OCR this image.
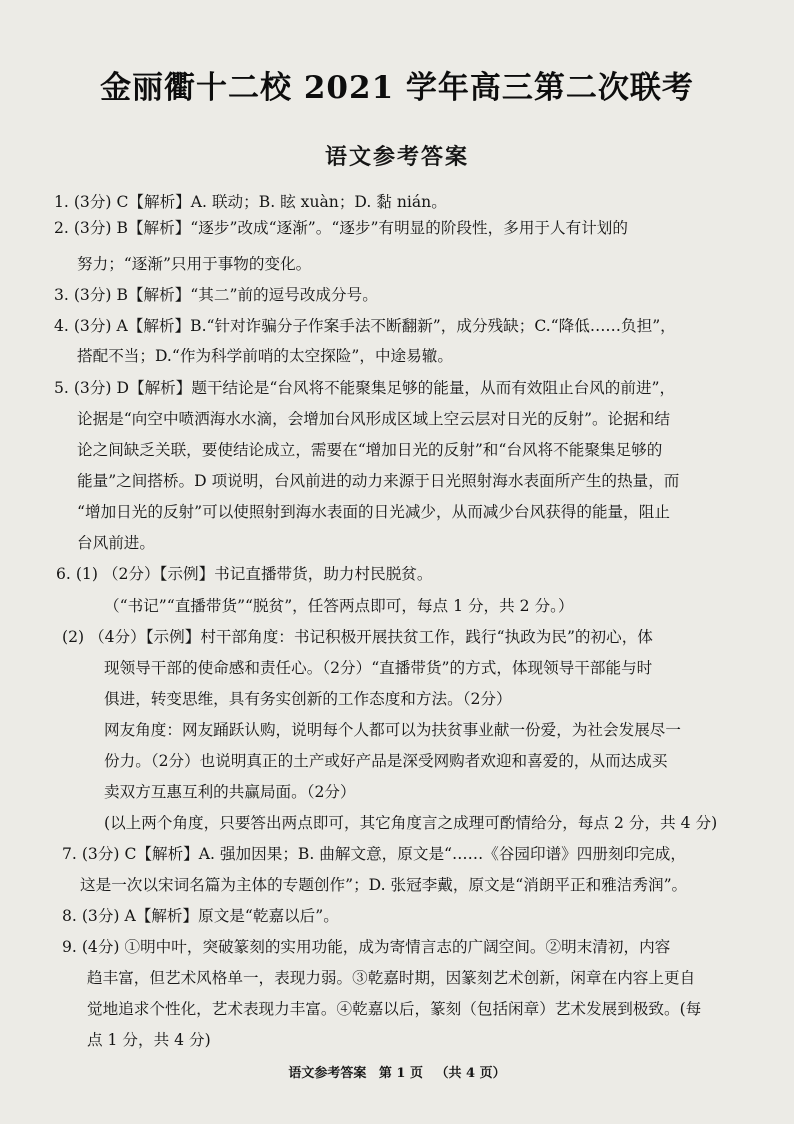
金丽衢十二校 2021 学年高三第二次联考
语文参考答案
1. (3分) C【解析】A. 联动；B. 眩 xuàn；D. 黏 nián。
2. (3分) B【解析】“逐步”改成“逐渐”。“逐步”有明显的阶段性，多用于人有计划的
努力；“逐渐”只用于事物的变化。
3. (3分) B【解析】“其二”前的逗号改成分号。
4. (3分) A【解析】B.“针对诈骗分子作案手法不断翻新”，成分残缺；C.“降低……负担”，
搭配不当；D.“作为科学前哨的太空探险”，中途易辙。
5. (3分) D【解析】题干结论是“台风将不能聚集足够的能量，从而有效阻止台风的前进”，
论据是“向空中喷洒海水水滴，会增加台风形成区域上空云层对日光的反射”。论据和结
论之间缺乏关联，要使结论成立，需要在“增加日光的反射”和“台风将不能聚集足够的
能量”之间搭桥。D 项说明，台风前进的动力来源于日光照射海水表面所产生的热量，而
“增加日光的反射”可以使照射到海水表面的日光减少，从而减少台风获得的能量，阻止
台风前进。
6. (1) （2分）【示例】书记直播带货，助力村民脱贫。
（“书记”“直播带货”“脱贫”，任答两点即可，每点 1 分，共 2 分。）
(2) （4分）【示例】村干部角度：书记积极开展扶贫工作，践行“执政为民”的初心，体
现领导干部的使命感和责任心。（2分）“直播带货”的方式，体现领导干部能与时
俱进，转变思维，具有务实创新的工作态度和方法。（2分）
网友角度：网友踊跃认购，说明每个人都可以为扶贫事业献一份爱，为社会发展尽一
份力。（2分）也说明真正的土产或好产品是深受网购者欢迎和喜爱的，从而达成买
卖双方互惠互利的共赢局面。（2分）
(以上两个角度，只要答出两点即可，其它角度言之成理可酌情给分，每点 2 分，共 4 分)
7. (3分) C【解析】A. 强加因果；B. 曲解文意，原文是“……《谷园印谱》四册刻印完成，
这是一次以宋词名篇为主体的专题创作”；D. 张冠李戴，原文是“消朗平正和雅洁秀润”。
8. (3分) A【解析】原文是“乾嘉以后”。
9. (4分) ①明中叶，突破篆刻的实用功能，成为寄情言志的广阔空间。②明末清初，内容
趋丰富，但艺术风格单一，表现力弱。③乾嘉时期，因篆刻艺术创新，闲章在内容上更自
觉地追求个性化，艺术表现力丰富。④乾嘉以后，篆刻（包括闲章）艺术发展到极致。(每
点 1 分，共 4 分)
语文参考答案 第 1 页 （共 4 页）
